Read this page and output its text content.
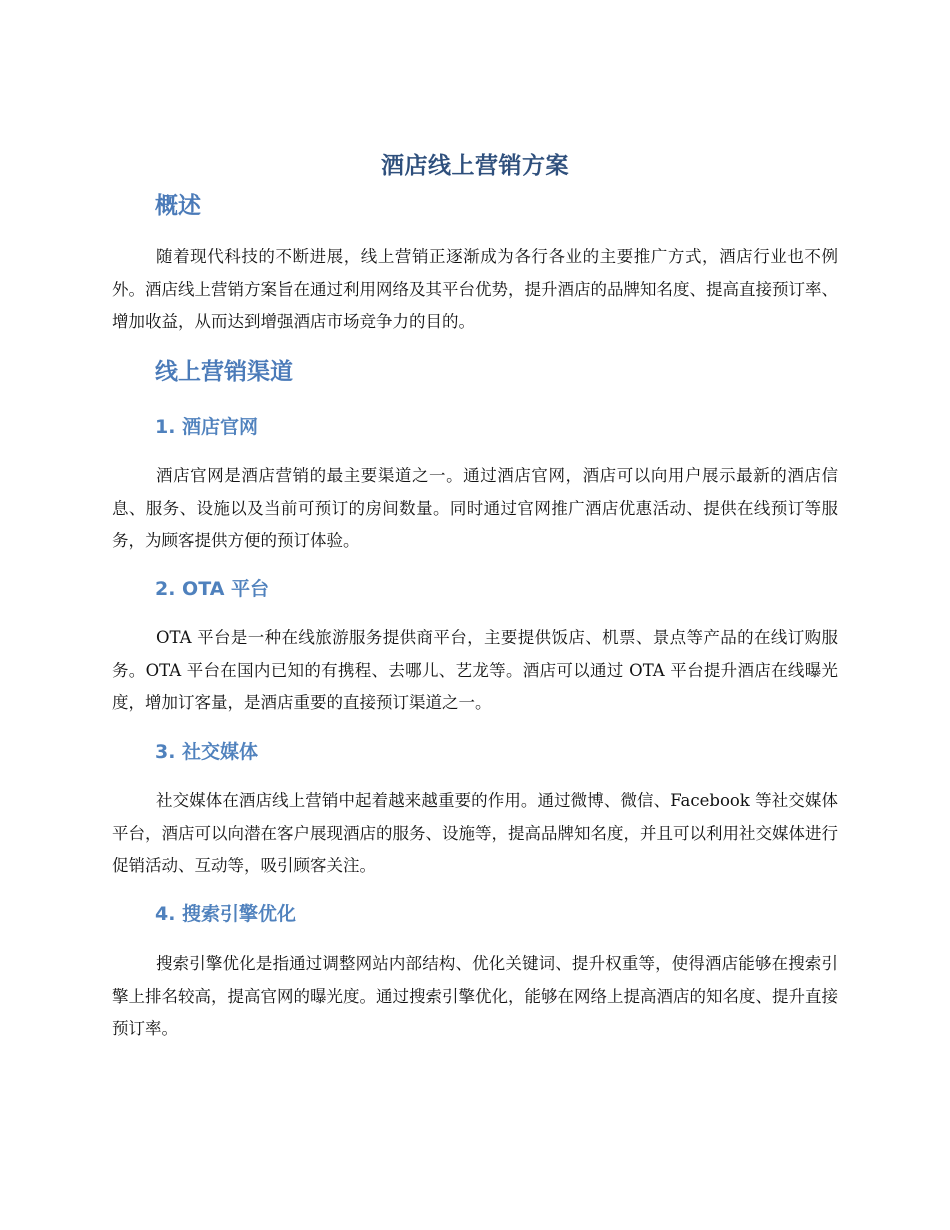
酒店线上营销方案
概述

随着现代科技的不断进展，线上营销正逐渐成为各行各业的主要推广方式，酒店行业也不例外。酒店线上营销方案旨在通过利用网络及其平台优势，提升酒店的品牌知名度、提高直接预订率、增加收益，从而达到增强酒店市场竞争力的目的。

线上营销渠道
1. 酒店官网

酒店官网是酒店营销的最主要渠道之一。通过酒店官网，酒店可以向用户展示最新的酒店信息、服务、设施以及当前可预订的房间数量。同时通过官网推广酒店优惠活动、提供在线预订等服务，为顾客提供方便的预订体验。

2. OTA 平台

OTA 平台是一种在线旅游服务提供商平台，主要提供饭店、机票、景点等产品的在线订购服务。OTA 平台在国内已知的有携程、去哪儿、艺龙等。酒店可以通过 OTA 平台提升酒店在线曝光度，增加订客量，是酒店重要的直接预订渠道之一。

3. 社交媒体

社交媒体在酒店线上营销中起着越来越重要的作用。通过微博、微信、Facebook 等社交媒体平台，酒店可以向潜在客户展现酒店的服务、设施等，提高品牌知名度，并且可以利用社交媒体进行促销活动、互动等，吸引顾客关注。

4. 搜索引擎优化

搜索引擎优化是指通过调整网站内部结构、优化关键词、提升权重等，使得酒店能够在搜索引擎上排名较高，提高官网的曝光度。通过搜索引擎优化，能够在网络上提高酒店的知名度、提升直接预订率。
